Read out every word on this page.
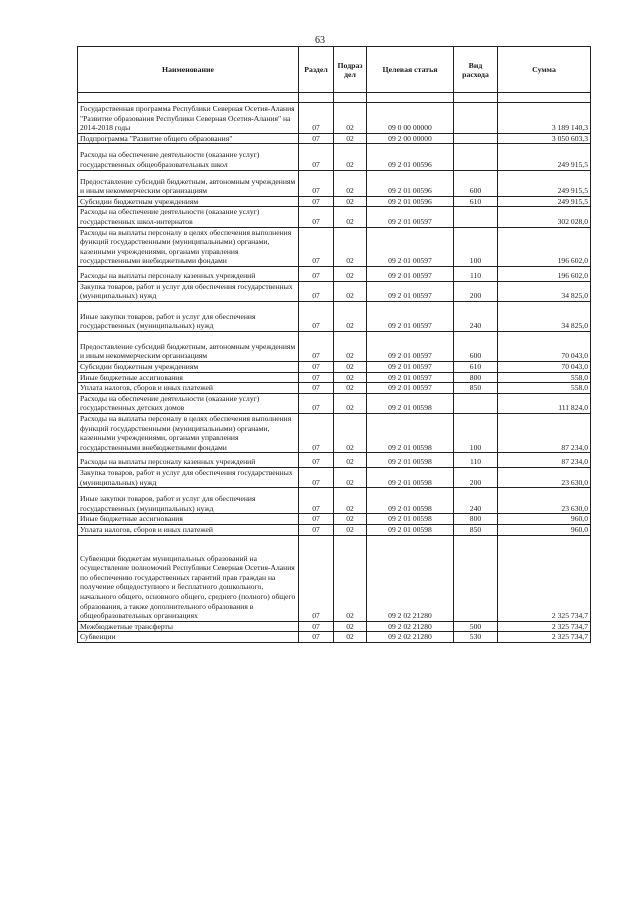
63
Наименование	Раздел	Подраз дел	Целевая статья	Вид расхода	Сумма

Государственная программа Республики Северная Осетия-Алания "Развитие образования Республики Северная Осетия-Алания" на 2014-2018 годы	07	02	09 0 00 00000		3 189 140,3
Подпрограмма "Развитие общего образования"	07	02	09 2 00 00000		3 050 603,3
Расходы на обеспечение деятельности (оказание услуг) государственных общеобразовательных школ	07	02	09 2 01 00596		249 915,5
Предоставление субсидий бюджетным, автономным учреждениям и иным некоммерческим организациям	07	02	09 2 01 00596	600	249 915,5
Субсидии бюджетным учреждениям	07	02	09 2 01 00596	610	249 915,5
Расходы на обеспечение деятельности (оказание услуг) государственных школ-интернатов	07	02	09 2 01 00597		302 028,0
Расходы на выплаты персоналу в целях обеспечения выполнения функций государственными (муниципальными) органами, казенными учреждениями, органами управления государственными внебюджетными фондами	07	02	09 2 01 00597	100	196 602,0
Расходы на выплаты персоналу казенных учреждений	07	02	09 2 01 00597	110	196 602,0
Закупка товаров, работ и услуг для обеспечения государственных (муниципальных) нужд	07	02	09 2 01 00597	200	34 825,0
Иные закупки товаров, работ и услуг для обеспечения государственных (муниципальных) нужд	07	02	09 2 01 00597	240	34 825,0
Предоставление субсидий бюджетным, автономным учреждениям и иным некоммерческим организациям	07	02	09 2 01 00597	600	70 043,0
Субсидии бюджетным учреждениям	07	02	09 2 01 00597	610	70 043,0
Иные бюджетные ассигнования	07	02	09 2 01 00597	800	558,0
Уплата налогов, сборов и иных платежей	07	02	09 2 01 00597	850	558,0
Расходы на обеспечение деятельности (оказание услуг) государственных детских домов	07	02	09 2 01 00598		111 824,0
Расходы на выплаты персоналу в целях обеспечения выполнения функций государственными (муниципальными) органами, казенными учреждениями, органами управления государственными внебюджетными фондами	07	02	09 2 01 00598	100	87 234,0
Расходы на выплаты персоналу казенных учреждений	07	02	09 2 01 00598	110	87 234,0
Закупка товаров, работ и услуг для обеспечения государственных (муниципальных) нужд	07	02	09 2 01 00598	200	23 630,0
Иные закупки товаров, работ и услуг для обеспечения государственных (муниципальных) нужд	07	02	09 2 01 00598	240	23 630,0
Иные бюджетные ассигнования	07	02	09 2 01 00598	800	960,0
Уплата налогов, сборов и иных платежей	07	02	09 2 01 00598	850	960,0
Субвенции бюджетам муниципальных образований на осуществление полномочий Республики Северная Осетия-Алания по обеспечению государственных гарантий прав граждан на получение общедоступного и бесплатного дошкольного, начального общего, основного общего, среднего (полного) общего образования, а также дополнительного образования в общеобразовательных организациях	07	02	09 2 02 21280		2 325 734,7
Межбюджетные трансферты	07	02	09 2 02 21280	500	2 325 734,7
Субвенции	07	02	09 2 02 21280	530	2 325 734,7
